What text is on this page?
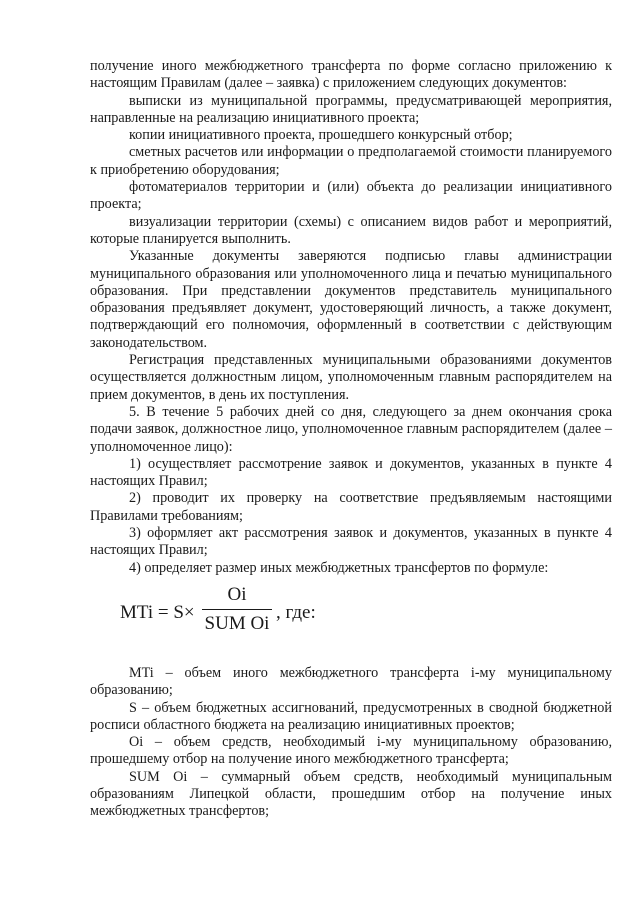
получение иного межбюджетного трансферта по форме согласно приложению к настоящим Правилам (далее – заявка) с приложением следующих документов:

выписки из муниципальной программы, предусматривающей мероприятия, направленные на реализацию инициативного проекта;

копии инициативного проекта, прошедшего конкурсный отбор;

сметных расчетов или информации о предполагаемой стоимости планируемого к приобретению оборудования;

фотоматериалов территории и (или) объекта до реализации инициативного проекта;

визуализации территории (схемы) с описанием видов работ и мероприятий, которые планируется выполнить.

Указанные документы заверяются подписью главы администрации муниципального образования или уполномоченного лица и печатью муниципального образования. При представлении документов представитель муниципального образования предъявляет документ, удостоверяющий личность, а также документ, подтверждающий его полномочия, оформленный в соответствии с действующим законодательством.

Регистрация представленных муниципальными образованиями документов осуществляется должностным лицом, уполномоченным главным распорядителем на прием документов, в день их поступления.

5. В течение 5 рабочих дней со дня, следующего за днем окончания срока подачи заявок, должностное лицо, уполномоченное главным распорядителем (далее – уполномоченное лицо):

1) осуществляет рассмотрение заявок и документов, указанных в пункте 4 настоящих Правил;

2) проводит их проверку на соответствие предъявляемым настоящими Правилами требованиям;

3) оформляет акт рассмотрения заявок и документов, указанных в пункте 4 настоящих Правил;

4) определяет размер иных межбюджетных трансфертов по формуле:

MTi = S×
Oi
SUM Oi
, где:

MTi – объем иного межбюджетного трансферта i-му муниципальному образованию;

S – объем бюджетных ассигнований, предусмотренных в сводной бюджетной росписи областного бюджета на реализацию инициативных проектов;

Oi – объем средств, необходимый i-му муниципальному образованию, прошедшему отбор на получение иного межбюджетного трансферта;

SUM Oi – суммарный объем средств, необходимый муниципальным образованиям Липецкой области, прошедшим отбор на получение иных межбюджетных трансфертов;
